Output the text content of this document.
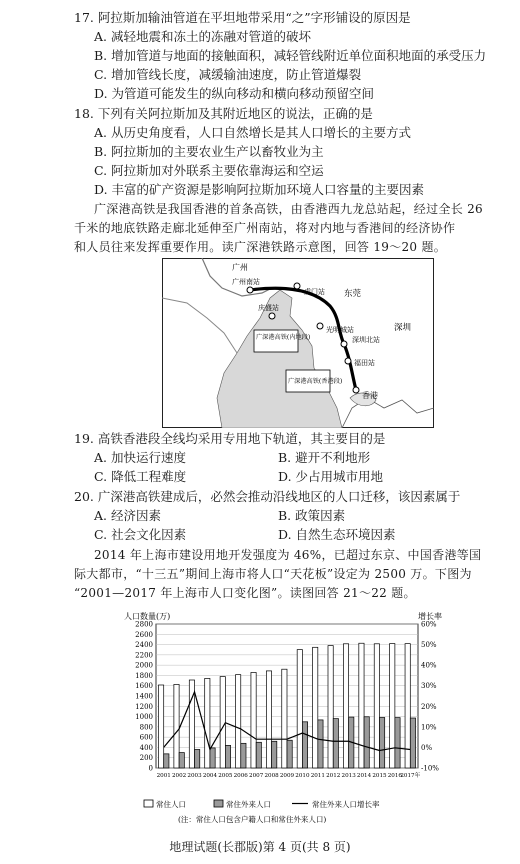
17. 阿拉斯加输油管道在平坦地带采用“之”字形铺设的原因是
A. 减轻地震和冻土的冻融对管道的破坏
B. 增加管道与地面的接触面积，减轻管线附近单位面积地面的承受压力
C. 增加管线长度，减缓输油速度，防止管道爆裂
D. 为管道可能发生的纵向移动和横向移动预留空间
18. 下列有关阿拉斯加及其附近地区的说法，正确的是
A. 从历史角度看，人口自然增长是其人口增长的主要方式
B. 阿拉斯加的主要农业生产以畜牧业为主
C. 阿拉斯加对外联系主要依靠海运和空运
D. 丰富的矿产资源是影响阿拉斯加环境人口容量的主要因素
广深港高铁是我国香港的首条高铁，由香港西九龙总站起，经过全长 26
千米的地底铁路走廊北延伸至广州南站，将对内地与香港间的经济协作
和人员往来发挥重要作用。读广深港铁路示意图，回答 19～20 题。
广州
广州南站
虎门站 东莞
庆盛站
光明城站
深圳北站
深圳
福田站
香港
广深港高铁(内地段)
广深港高铁(香港段)
19. 高铁香港段全线均采用专用地下轨道，其主要目的是
A. 加快运行速度	B. 避开不利地形
C. 降低工程难度	D. 少占用城市用地
20. 广深港高铁建成后，必然会推动沿线地区的人口迁移，该因素属于
A. 经济因素	B. 政策因素
C. 社会文化因素	D. 自然生态环境因素
2014 年上海市建设用地开发强度为 46%，已超过东京、中国香港等国
际大都市，“十三五”期间上海市将人口“天花板”设定为 2500 万。下图为
“2001—2017 年上海市人口变化图”。读图回答 21～22 题。
人口数量(万)	增长率
0
200
400
600
800
1000
1200
1400
1600
1800
2000
2200
2400
2600
2800
-10%
0%
10%
20%
30%
40%
50%
60%
2001 2002 2003 2004 2005 2006 2007 2008 2009 2010 2011 2012 2013 2014 2015 2016
2017年
常住人口	常住外来人口	常住外来人口增长率
(注：常住人口包含户籍人口和常住外来人口)
地理试题(长郡版)第 4 页(共 8 页)
